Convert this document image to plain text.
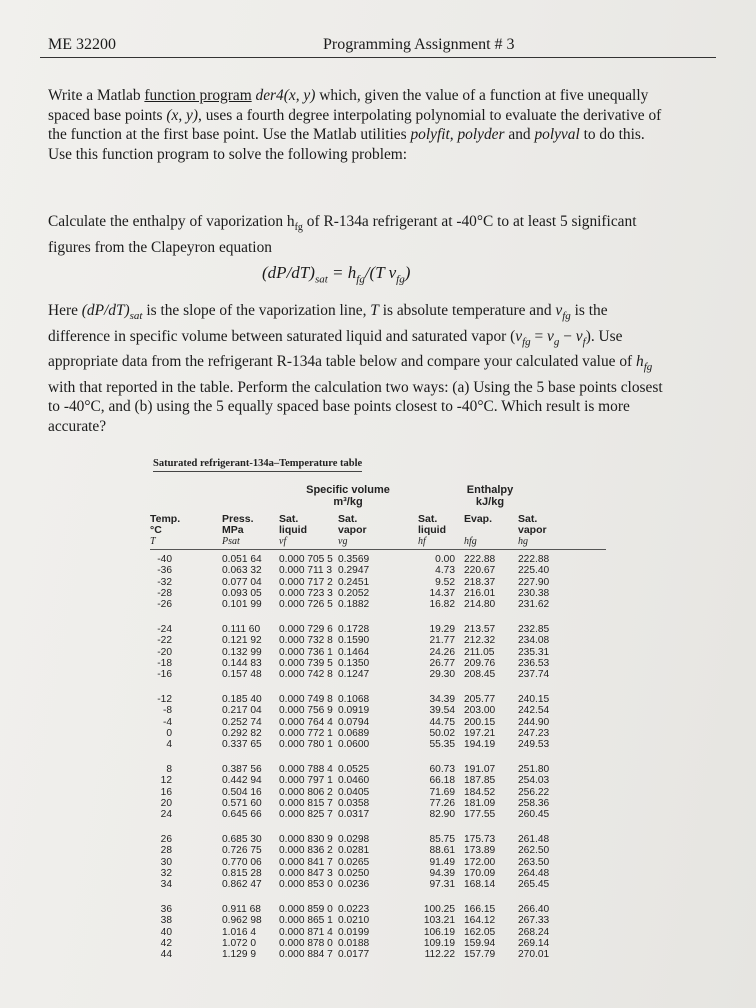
ME 32200	Programming Assignment # 3

Write a Matlab function program der4(x, y) which, given the value of a function at five unequally spaced base points (x, y), uses a fourth degree interpolating polynomial to evaluate the derivative of the function at the first base point. Use the Matlab utilities polyfit, polyder and polyval to do this. Use this function program to solve the following problem:

Calculate the enthalpy of vaporization $h_{fg}$ of R-134a refrigerant at -40°C to at least 5 significant figures from the Clapeyron equation

$(dP/dT)_{sat} = h_{fg}/(T$ $v_{fg}$)

Here $(dP/dT)_{sat}$ is the slope of the vaporization line, T is absolute temperature and $v_{fg}$ is the difference in specific volume between saturated liquid and saturated vapor $(v_{fg} = v_g - v_f)$. Use appropriate data from the refrigerant R-134a table below and compare your calculated value of $h_{fg}$ with that reported in the table. Perform the calculation two ways: (a) Using the 5 base points closest to -40°C, and (b) using the 5 equally spaced base points closest to -40°C. Which result is more accurate?

Saturated refrigerant-134a–Temperature table
Specific volume
m³/kg
Enthalpy
kJ/kg
Temp.
°C
T
Press.
MPa
Psat
Sat.
liquid
vf
Sat.
vapor
vg
Sat.
liquid
hf
Evap.

hfg
Sat.
vapor
hg
-40
-36
-32
-28
-26
0.051 64
0.063 32
0.077 04
0.093 05
0.101 99
0.000 705 5
0.000 711 3
0.000 717 2
0.000 723 3
0.000 726 5
0.3569
0.2947
0.2451
0.2052
0.1882
0.00
4.73
9.52
14.37
16.82
222.88
220.67
218.37
216.01
214.80
222.88
225.40
227.90
230.38
231.62
-24
-22
-20
-18
-16
0.111 60
0.121 92
0.132 99
0.144 83
0.157 48
0.000 729 6
0.000 732 8
0.000 736 1
0.000 739 5
0.000 742 8
0.1728
0.1590
0.1464
0.1350
0.1247
19.29
21.77
24.26
26.77
29.30
213.57
212.32
211.05
209.76
208.45
232.85
234.08
235.31
236.53
237.74
-12
-8
-4
0
4
0.185 40
0.217 04
0.252 74
0.292 82
0.337 65
0.000 749 8
0.000 756 9
0.000 764 4
0.000 772 1
0.000 780 1
0.1068
0.0919
0.0794
0.0689
0.0600
34.39
39.54
44.75
50.02
55.35
205.77
203.00
200.15
197.21
194.19
240.15
242.54
244.90
247.23
249.53
8
12
16
20
24
0.387 56
0.442 94
0.504 16
0.571 60
0.645 66
0.000 788 4
0.000 797 1
0.000 806 2
0.000 815 7
0.000 825 7
0.0525
0.0460
0.0405
0.0358
0.0317
60.73
66.18
71.69
77.26
82.90
191.07
187.85
184.52
181.09
177.55
251.80
254.03
256.22
258.36
260.45
26
28
30
32
34
0.685 30
0.726 75
0.770 06
0.815 28
0.862 47
0.000 830 9
0.000 836 2
0.000 841 7
0.000 847 3
0.000 853 0
0.0298
0.0281
0.0265
0.0250
0.0236
85.75
88.61
91.49
94.39
97.31
175.73
173.89
172.00
170.09
168.14
261.48
262.50
263.50
264.48
265.45
36
38
40
42
44
0.911 68
0.962 98
1.016 4
1.072 0
1.129 9
0.000 859 0
0.000 865 1
0.000 871 4
0.000 878 0
0.000 884 7
0.0223
0.0210
0.0199
0.0188
0.0177
100.25
103.21
106.19
109.19
112.22
166.15
164.12
162.05
159.94
157.79
266.40
267.33
268.24
269.14
270.01
